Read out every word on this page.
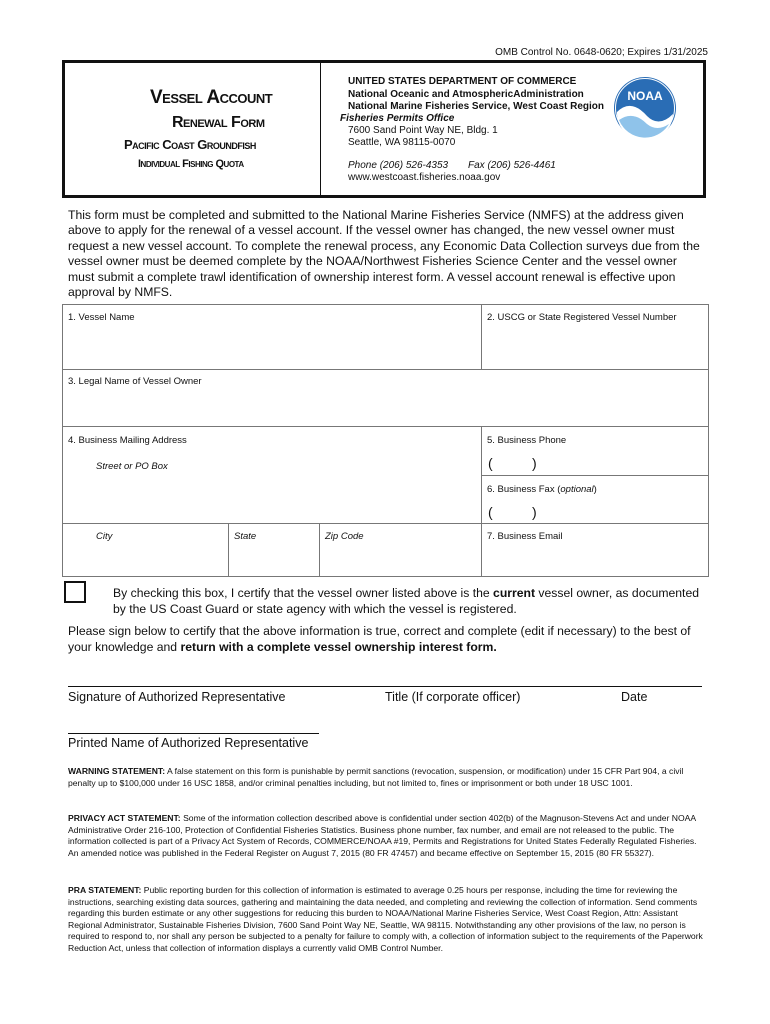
OMB Control No. 0648-0620; Expires 1/31/2025
Vessel Account
Renewal Form
Pacific Coast Groundfish
Individual Fishing Quota
UNITED STATES DEPARTMENT OF COMMERCE
National Oceanic and AtmosphericAdministration
National Marine Fisheries Service, West Coast Region
Fisheries Permits Office
7600 Sand Point Way NE, Bldg. 1
Seattle, WA 98115-0070
Phone (206) 526-4353 Fax (206) 526-4461
www.westcoast.fisheries.noaa.gov
NOAA
This form must be completed and submitted to the National Marine Fisheries Service (NMFS) at the address given above to apply for the renewal of a vessel account. If the vessel owner has changed, the new vessel owner must request a new vessel account. To complete the renewal process, any Economic Data Collection surveys due from the vessel owner must be deemed complete by the NOAA/Northwest Fisheries Science Center and the vessel owner must submit a complete trawl identification of ownership interest form. A vessel account renewal is effective upon approval by NMFS.
1. Vessel Name	2. USCG or State Registered Vessel Number
3. Legal Name of Vessel Owner
4. Business Mailing Address
Street or PO Box
5. Business Phone
(	)
6. Business Fax (optional)
(	)
City	State	Zip Code	7. Business Email
By checking this box, I certify that the vessel owner listed above is the current vessel owner, as documented by the US Coast Guard or state agency with which the vessel is registered.
Please sign below to certify that the above information is true, correct and complete (edit if necessary) to the best of your knowledge and return with a complete vessel ownership interest form.
Signature of Authorized Representative	Title (If corporate officer)	Date
Printed Name of Authorized Representative
WARNING STATEMENT: A false statement on this form is punishable by permit sanctions (revocation, suspension, or modification) under 15 CFR Part 904, a civil penalty up to $100,000 under 16 USC 1858, and/or criminal penalties including, but not limited to, fines or imprisonment or both under 18 USC 1001.
PRIVACY ACT STATEMENT: Some of the information collection described above is confidential under section 402(b) of the Magnuson-Stevens Act and under NOAA Administrative Order 216-100, Protection of Confidential Fisheries Statistics. Business phone number, fax number, and email are not released to the public. The information collected is part of a Privacy Act System of Records, COMMERCE/NOAA #19, Permits and Registrations for United States Federally Regulated Fisheries. An amended notice was published in the Federal Register on August 7, 2015 (80 FR 47457) and became effective on September 15, 2015 (80 FR 55327).
PRA STATEMENT: Public reporting burden for this collection of information is estimated to average 0.25 hours per response, including the time for reviewing the instructions, searching existing data sources, gathering and maintaining the data needed, and completing and reviewing the collection of information. Send comments regarding this burden estimate or any other suggestions for reducing this burden to NOAA/National Marine Fisheries Service, West Coast Region, Attn: Assistant Regional Administrator, Sustainable Fisheries Division, 7600 Sand Point Way NE, Seattle, WA 98115. Notwithstanding any other provisions of the law, no person is required to respond to, nor shall any person be subjected to a penalty for failure to comply with, a collection of information subject to the requirements of the Paperwork Reduction Act, unless that collection of information displays a currently valid OMB Control Number.
